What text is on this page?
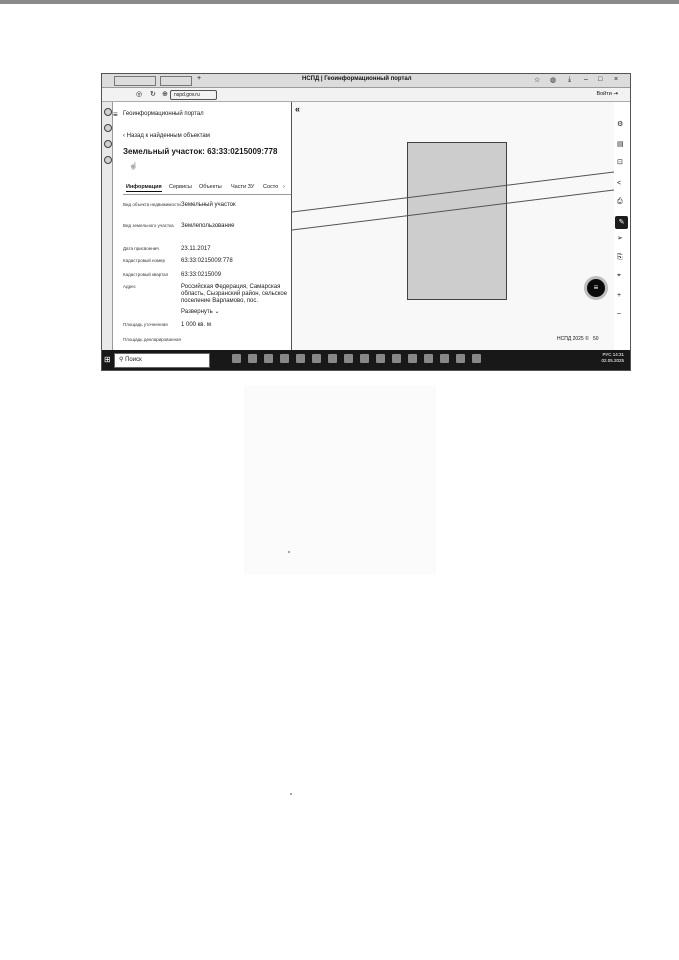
+	НСПД | Геоинформационный портал	☆ ◍ ⤓ – □ ×
◎ ↻ ⊕	nspd.gov.ru	Войти ⇥
≡ Геоинформационный портал
‹ Назад к найденным объектам
Земельный участок: 63:33:0215009:778
☝
Информация Сервисы Объекты Части ЗУ Состо ›
Вид объекта недвижимости Земельный участок
Вид земельного участка	Землепользование
Дата присвоения	23.11.2017
Кадастровый номер	63:33:0215009:778
Кадастровый квартал	63:33:0215009
Адрес	Российская Федерация, Самарская область, Сызранский район, сельское поселение Варламово, пос.
Развернуть ⌄
Площадь уточненная	1 000 кв. м
Площадь декларированная
«
≡
НСПД 2025 © 50
⚙
▤
⊡
<
⎙
✎
➢
⎘
⌖
+
–
⊞	⚲ Поиск
РУС 14:31
02.05.2025
